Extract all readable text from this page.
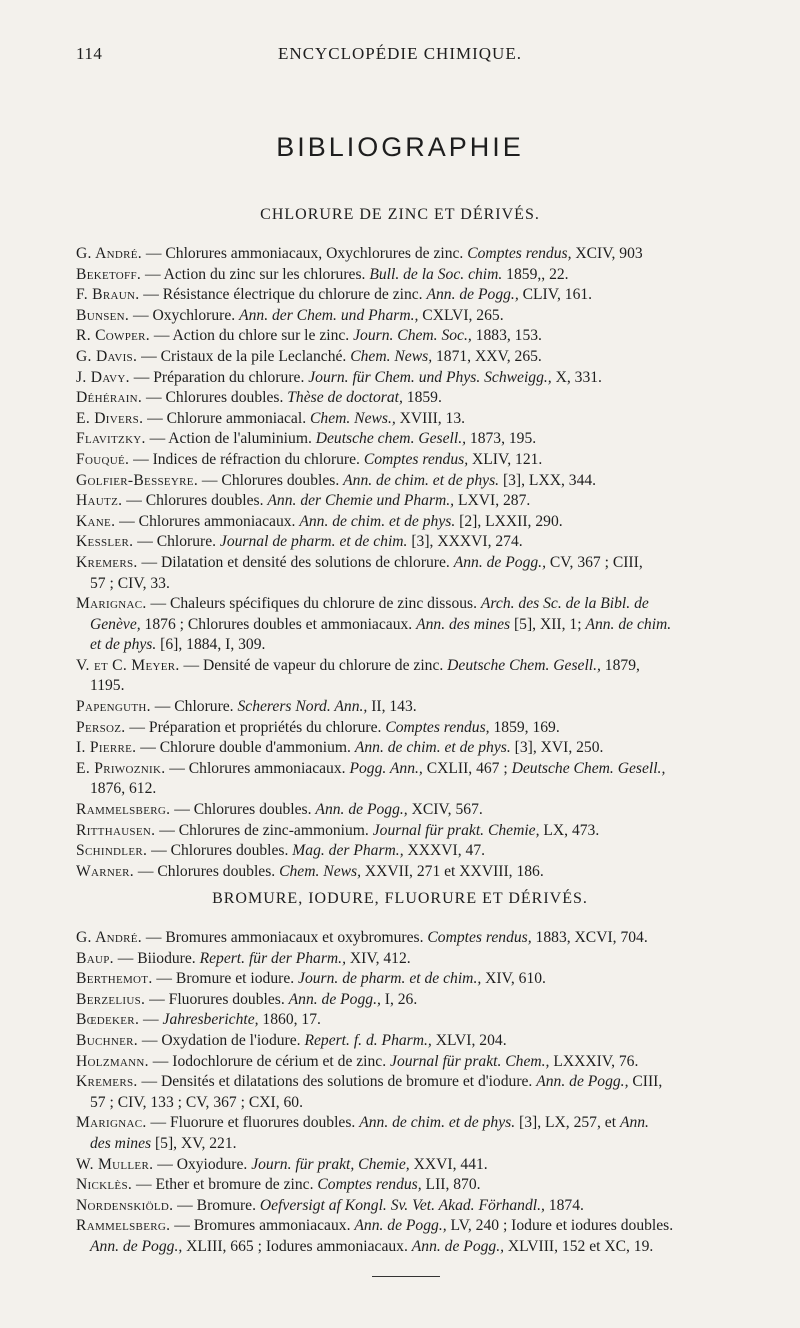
114	ENCYCLOPÉDIE CHIMIQUE.
BIBLIOGRAPHIE
CHLORURE DE ZINC ET DÉRIVÉS.
G. André. — Chlorures ammoniacaux, Oxychlorures de zinc. Comptes rendus, XCIV, 903
Beketoff. — Action du zinc sur les chlorures. Bull. de la Soc. chim. 1859,, 22.
F. Braun. — Résistance électrique du chlorure de zinc. Ann. de Pogg., CLIV, 161.
Bunsen. — Oxychlorure. Ann. der Chem. und Pharm., CXLVI, 265.
R. Cowper. — Action du chlore sur le zinc. Journ. Chem. Soc., 1883, 153.
G. Davis. — Cristaux de la pile Leclanché. Chem. News, 1871, XXV, 265.
J. Davy. — Préparation du chlorure. Journ. für Chem. und Phys. Schweigg., X, 331.
Déhérain. — Chlorures doubles. Thèse de doctorat, 1859.
E. Divers. — Chlorure ammoniacal. Chem. News., XVIII, 13.
Flavitzky. — Action de l'aluminium. Deutsche chem. Gesell., 1873, 195.
Fouqué. — Indices de réfraction du chlorure. Comptes rendus, XLIV, 121.
Golfier-Besseyre. — Chlorures doubles. Ann. de chim. et de phys. [3], LXX, 344.
Hautz. — Chlorures doubles. Ann. der Chemie und Pharm., LXVI, 287.
Kane. — Chlorures ammoniacaux. Ann. de chim. et de phys. [2], LXXII, 290.
Kessler. — Chlorure. Journal de pharm. et de chim. [3], XXXVI, 274.
Kremers. — Dilatation et densité des solutions de chlorure. Ann. de Pogg., CV, 367 ; CIII,
57 ; CIV, 33.
Marignac. — Chaleurs spécifiques du chlorure de zinc dissous. Arch. des Sc. de la Bibl. de
Genève, 1876 ; Chlorures doubles et ammoniacaux. Ann. des mines [5], XII, 1; Ann. de chim.
et de phys. [6], 1884, I, 309.
V. et C. Meyer. — Densité de vapeur du chlorure de zinc. Deutsche Chem. Gesell., 1879,
1195.
Papenguth. — Chlorure. Scherers Nord. Ann., II, 143.
Persoz. — Préparation et propriétés du chlorure. Comptes rendus, 1859, 169.
I. Pierre. — Chlorure double d'ammonium. Ann. de chim. et de phys. [3], XVI, 250.
E. Priwoznik. — Chlorures ammoniacaux. Pogg. Ann., CXLII, 467 ; Deutsche Chem. Gesell.,
1876, 612.
Rammelsberg. — Chlorures doubles. Ann. de Pogg., XCIV, 567.
Ritthausen. — Chlorures de zinc-ammonium. Journal für prakt. Chemie, LX, 473.
Schindler. — Chlorures doubles. Mag. der Pharm., XXXVI, 47.
Warner. — Chlorures doubles. Chem. News, XXVII, 271 et XXVIII, 186.
BROMURE, IODURE, FLUORURE ET DÉRIVÉS.
G. André. — Bromures ammoniacaux et oxybromures. Comptes rendus, 1883, XCVI, 704.
Baup. — Biiodure. Repert. für der Pharm., XIV, 412.
Berthemot. — Bromure et iodure. Journ. de pharm. et de chim., XIV, 610.
Berzelius. — Fluorures doubles. Ann. de Pogg., I, 26.
Bœdeker. — Jahresberichte, 1860, 17.
Buchner. — Oxydation de l'iodure. Repert. f. d. Pharm., XLVI, 204.
Holzmann. — Iodochlorure de cérium et de zinc. Journal für prakt. Chem., LXXXIV, 76.
Kremers. — Densités et dilatations des solutions de bromure et d'iodure. Ann. de Pogg., CIII,
57 ; CIV, 133 ; CV, 367 ; CXI, 60.
Marignac. — Fluorure et fluorures doubles. Ann. de chim. et de phys. [3], LX, 257, et Ann.
des mines [5], XV, 221.
W. Muller. — Oxyiodure. Journ. für prakt, Chemie, XXVI, 441.
Nicklès. — Ether et bromure de zinc. Comptes rendus, LII, 870.
Nordenskiöld. — Bromure. Oefversigt af Kongl. Sv. Vet. Akad. Förhandl., 1874.
Rammelsberg. — Bromures ammoniacaux. Ann. de Pogg., LV, 240 ; Iodure et iodures doubles.
Ann. de Pogg., XLIII, 665 ; Iodures ammoniacaux. Ann. de Pogg., XLVIII, 152 et XC, 19.
